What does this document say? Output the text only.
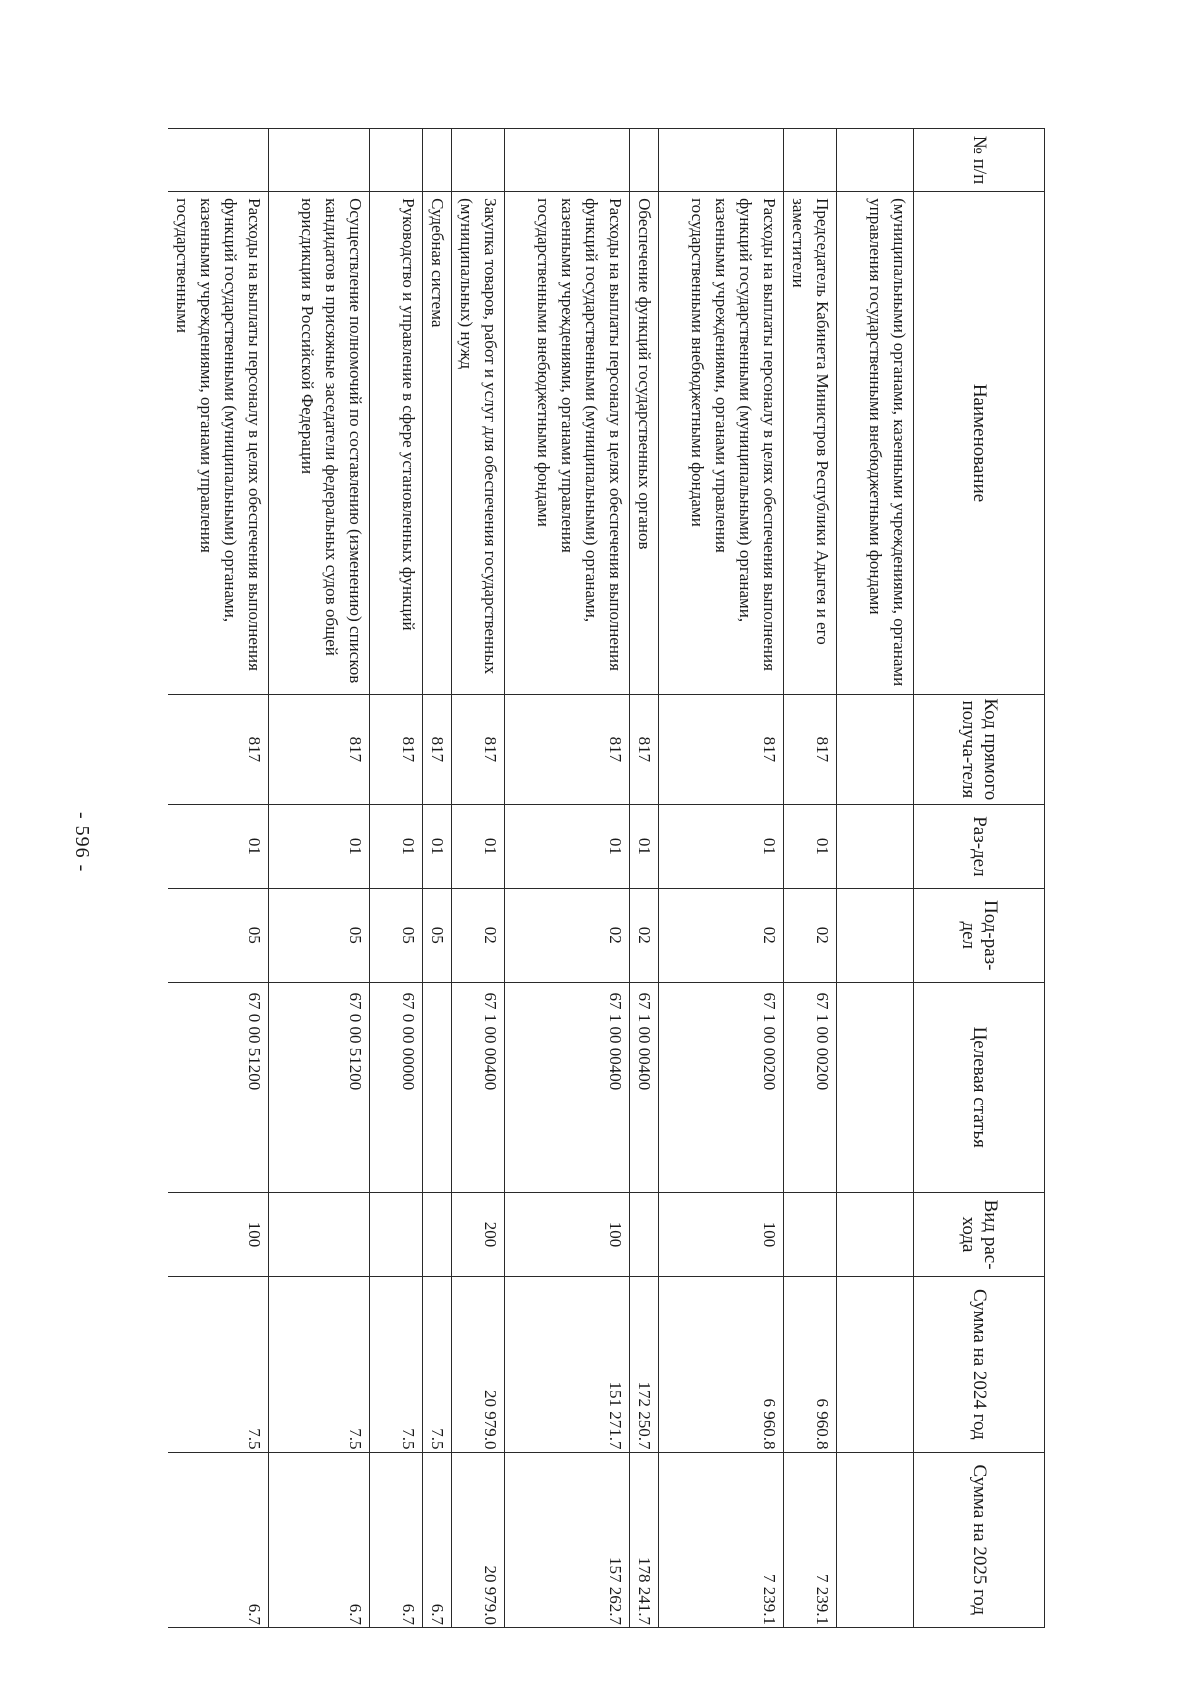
- 596 -
№ п/п	Наименование	Код прямого получа-теля	Раз-дел	Под-раз-дел	Целевая статья	Вид рас-хода	Сумма на 2024 год	Сумма на 2025 год
	(муниципальными) органами, казенными учреждениями, органами управления государственными внебюджетными фондами							
	Председатель Кабинета Министров Республики Адыгея и его заместители	817	01	02	67 1 00 00200		6 960.8	7 239.1
	Расходы на выплаты персоналу в целях обеспечения выполнения функций государственными (муниципальными) органами, казенными учреждениями, органами управления государственными внебюджетными фондами	817	01	02	67 1 00 00200	100	6 960.8	7 239.1
	Обеспечение функций государственных органов	817	01	02	67 1 00 00400		172 250.7	178 241.7
	Расходы на выплаты персоналу в целях обеспечения выполнения функций государственными (муниципальными) органами, казенными учреждениями, органами управления государственными внебюджетными фондами	817	01	02	67 1 00 00400	100	151 271.7	157 262.7
	Закупка товаров, работ и услуг для обеспечения государственных (муниципальных) нужд	817	01	02	67 1 00 00400	200	20 979.0	20 979.0
	Судебная система	817	01	05			7.5	6.7
	Руководство и управление в сфере установленных функций	817	01	05	67 0 00 00000		7.5	6.7
	Осуществление полномочий по составлению (изменению) списков кандидатов в присяжные заседатели федеральных судов общей юрисдикции в Российской Федерации	817	01	05	67 0 00 51200		7.5	6.7
	Расходы на выплаты персоналу в целях обеспечения выполнения функций государственными (муниципальными) органами, казенными учреждениями, органами управления государственными	817	01	05	67 0 00 51200	100	7.5	6.7
